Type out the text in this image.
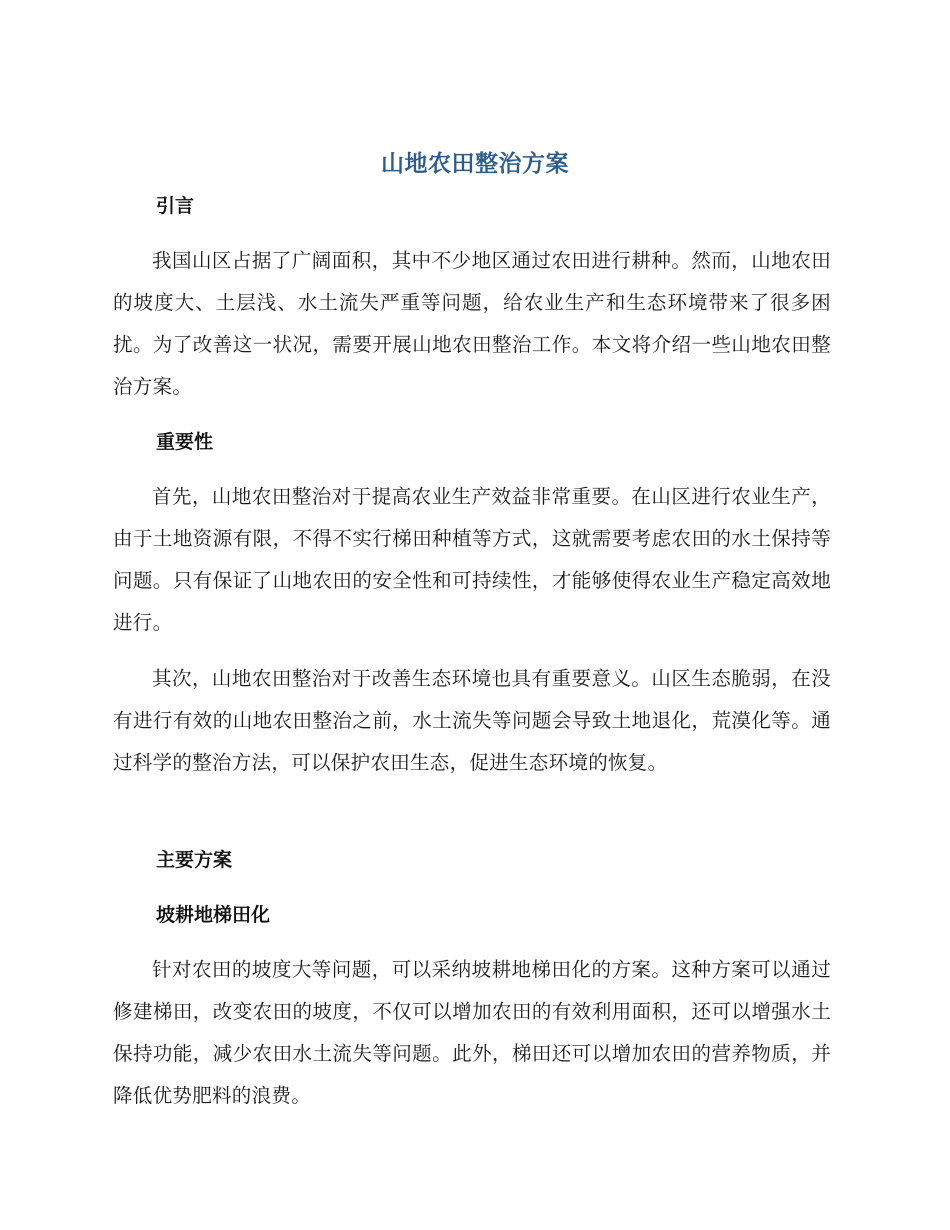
山地农田整治方案
引言
我国山区占据了广阔面积，其中不少地区通过农田进行耕种。然而，山地农田的坡度大、土层浅、水土流失严重等问题，给农业生产和生态环境带来了很多困扰。为了改善这一状况，需要开展山地农田整治工作。本文将介绍一些山地农田整治方案。
重要性
首先，山地农田整治对于提高农业生产效益非常重要。在山区进行农业生产，由于土地资源有限，不得不实行梯田种植等方式，这就需要考虑农田的水土保持等问题。只有保证了山地农田的安全性和可持续性，才能够使得农业生产稳定高效地进行。
其次，山地农田整治对于改善生态环境也具有重要意义。山区生态脆弱，在没有进行有效的山地农田整治之前，水土流失等问题会导致土地退化，荒漠化等。通过科学的整治方法，可以保护农田生态，促进生态环境的恢复。
主要方案
坡耕地梯田化
针对农田的坡度大等问题，可以采纳坡耕地梯田化的方案。这种方案可以通过修建梯田，改变农田的坡度，不仅可以增加农田的有效利用面积，还可以增强水土保持功能，减少农田水土流失等问题。此外，梯田还可以增加农田的营养物质，并降低优势肥料的浪费。
